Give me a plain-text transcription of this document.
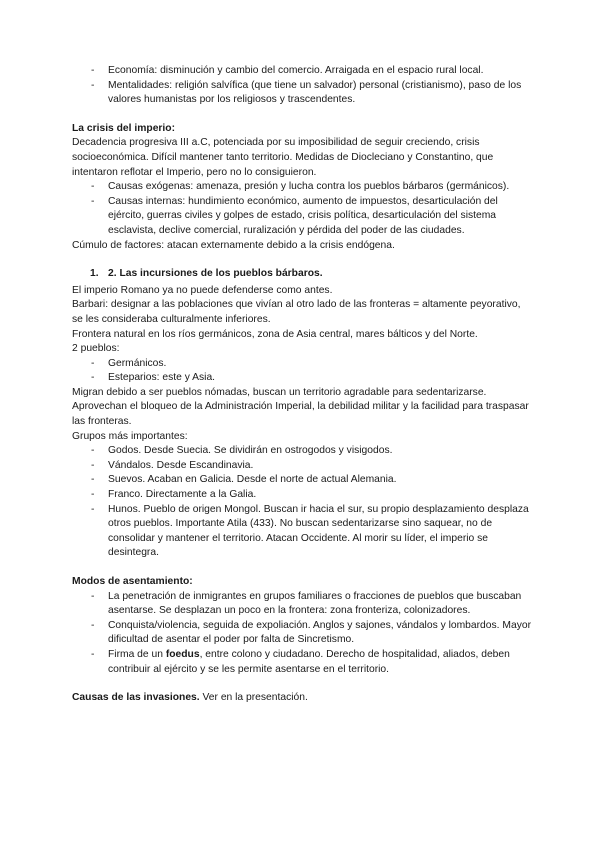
- Economía: disminución y cambio del comercio. Arraigada en el espacio rural local.
- Mentalidades: religión salvífica (que tiene un salvador) personal (cristianismo), paso de los valores humanistas por los religiosos y trascendentes.

La crisis del imperio:

Decadencia progresiva III a.C, potenciada por su imposibilidad de seguir creciendo, crisis socioeconómica. Difícil mantener tanto territorio. Medidas de Diocleciano y Constantino, que intentaron reflotar el Imperio, pero no lo consiguieron.

- Causas exógenas: amenaza, presión y lucha contra los pueblos bárbaros (germánicos).
- Causas internas: hundimiento económico, aumento de impuestos, desarticulación del ejército, guerras civiles y golpes de estado, crisis política, desarticulación del sistema esclavista, declive comercial, ruralización y pérdida del poder de las ciudades.

Cúmulo de factores: atacan externamente debido a la crisis endógena.

1. 2. Las incursiones de los pueblos bárbaros.

El imperio Romano ya no puede defenderse como antes.

Barbari: designar a las poblaciones que vivían al otro lado de las fronteras = altamente peyorativo, se les consideraba culturalmente inferiores.

Frontera natural en los ríos germánicos, zona de Asia central, mares bálticos y del Norte.

2 pueblos:

- Germánicos.
- Esteparios: este y Asia.

Migran debido a ser pueblos nómadas, buscan un territorio agradable para sedentarizarse.

Aprovechan el bloqueo de la Administración Imperial, la debilidad militar y la facilidad para traspasar las fronteras.

Grupos más importantes:

- Godos. Desde Suecia. Se dividirán en ostrogodos y visigodos.
- Vándalos. Desde Escandinavia.
- Suevos. Acaban en Galicia. Desde el norte de actual Alemania.
- Franco. Directamente a la Galia.
- Hunos. Pueblo de origen Mongol. Buscan ir hacia el sur, su propio desplazamiento desplaza otros pueblos. Importante Atila (433). No buscan sedentarizarse sino saquear, no de consolidar y mantener el territorio. Atacan Occidente. Al morir su líder, el imperio se desintegra.

Modos de asentamiento:

- La penetración de inmigrantes en grupos familiares o fracciones de pueblos que buscaban asentarse. Se desplazan un poco en la frontera: zona fronteriza, colonizadores.
- Conquista/violencia, seguida de expoliación. Anglos y sajones, vándalos y lombardos. Mayor dificultad de asentar el poder por falta de Sincretismo.
- Firma de un foedus, entre colono y ciudadano. Derecho de hospitalidad, aliados, deben contribuir al ejército y se les permite asentarse en el territorio.

Causas de las invasiones. Ver en la presentación.
